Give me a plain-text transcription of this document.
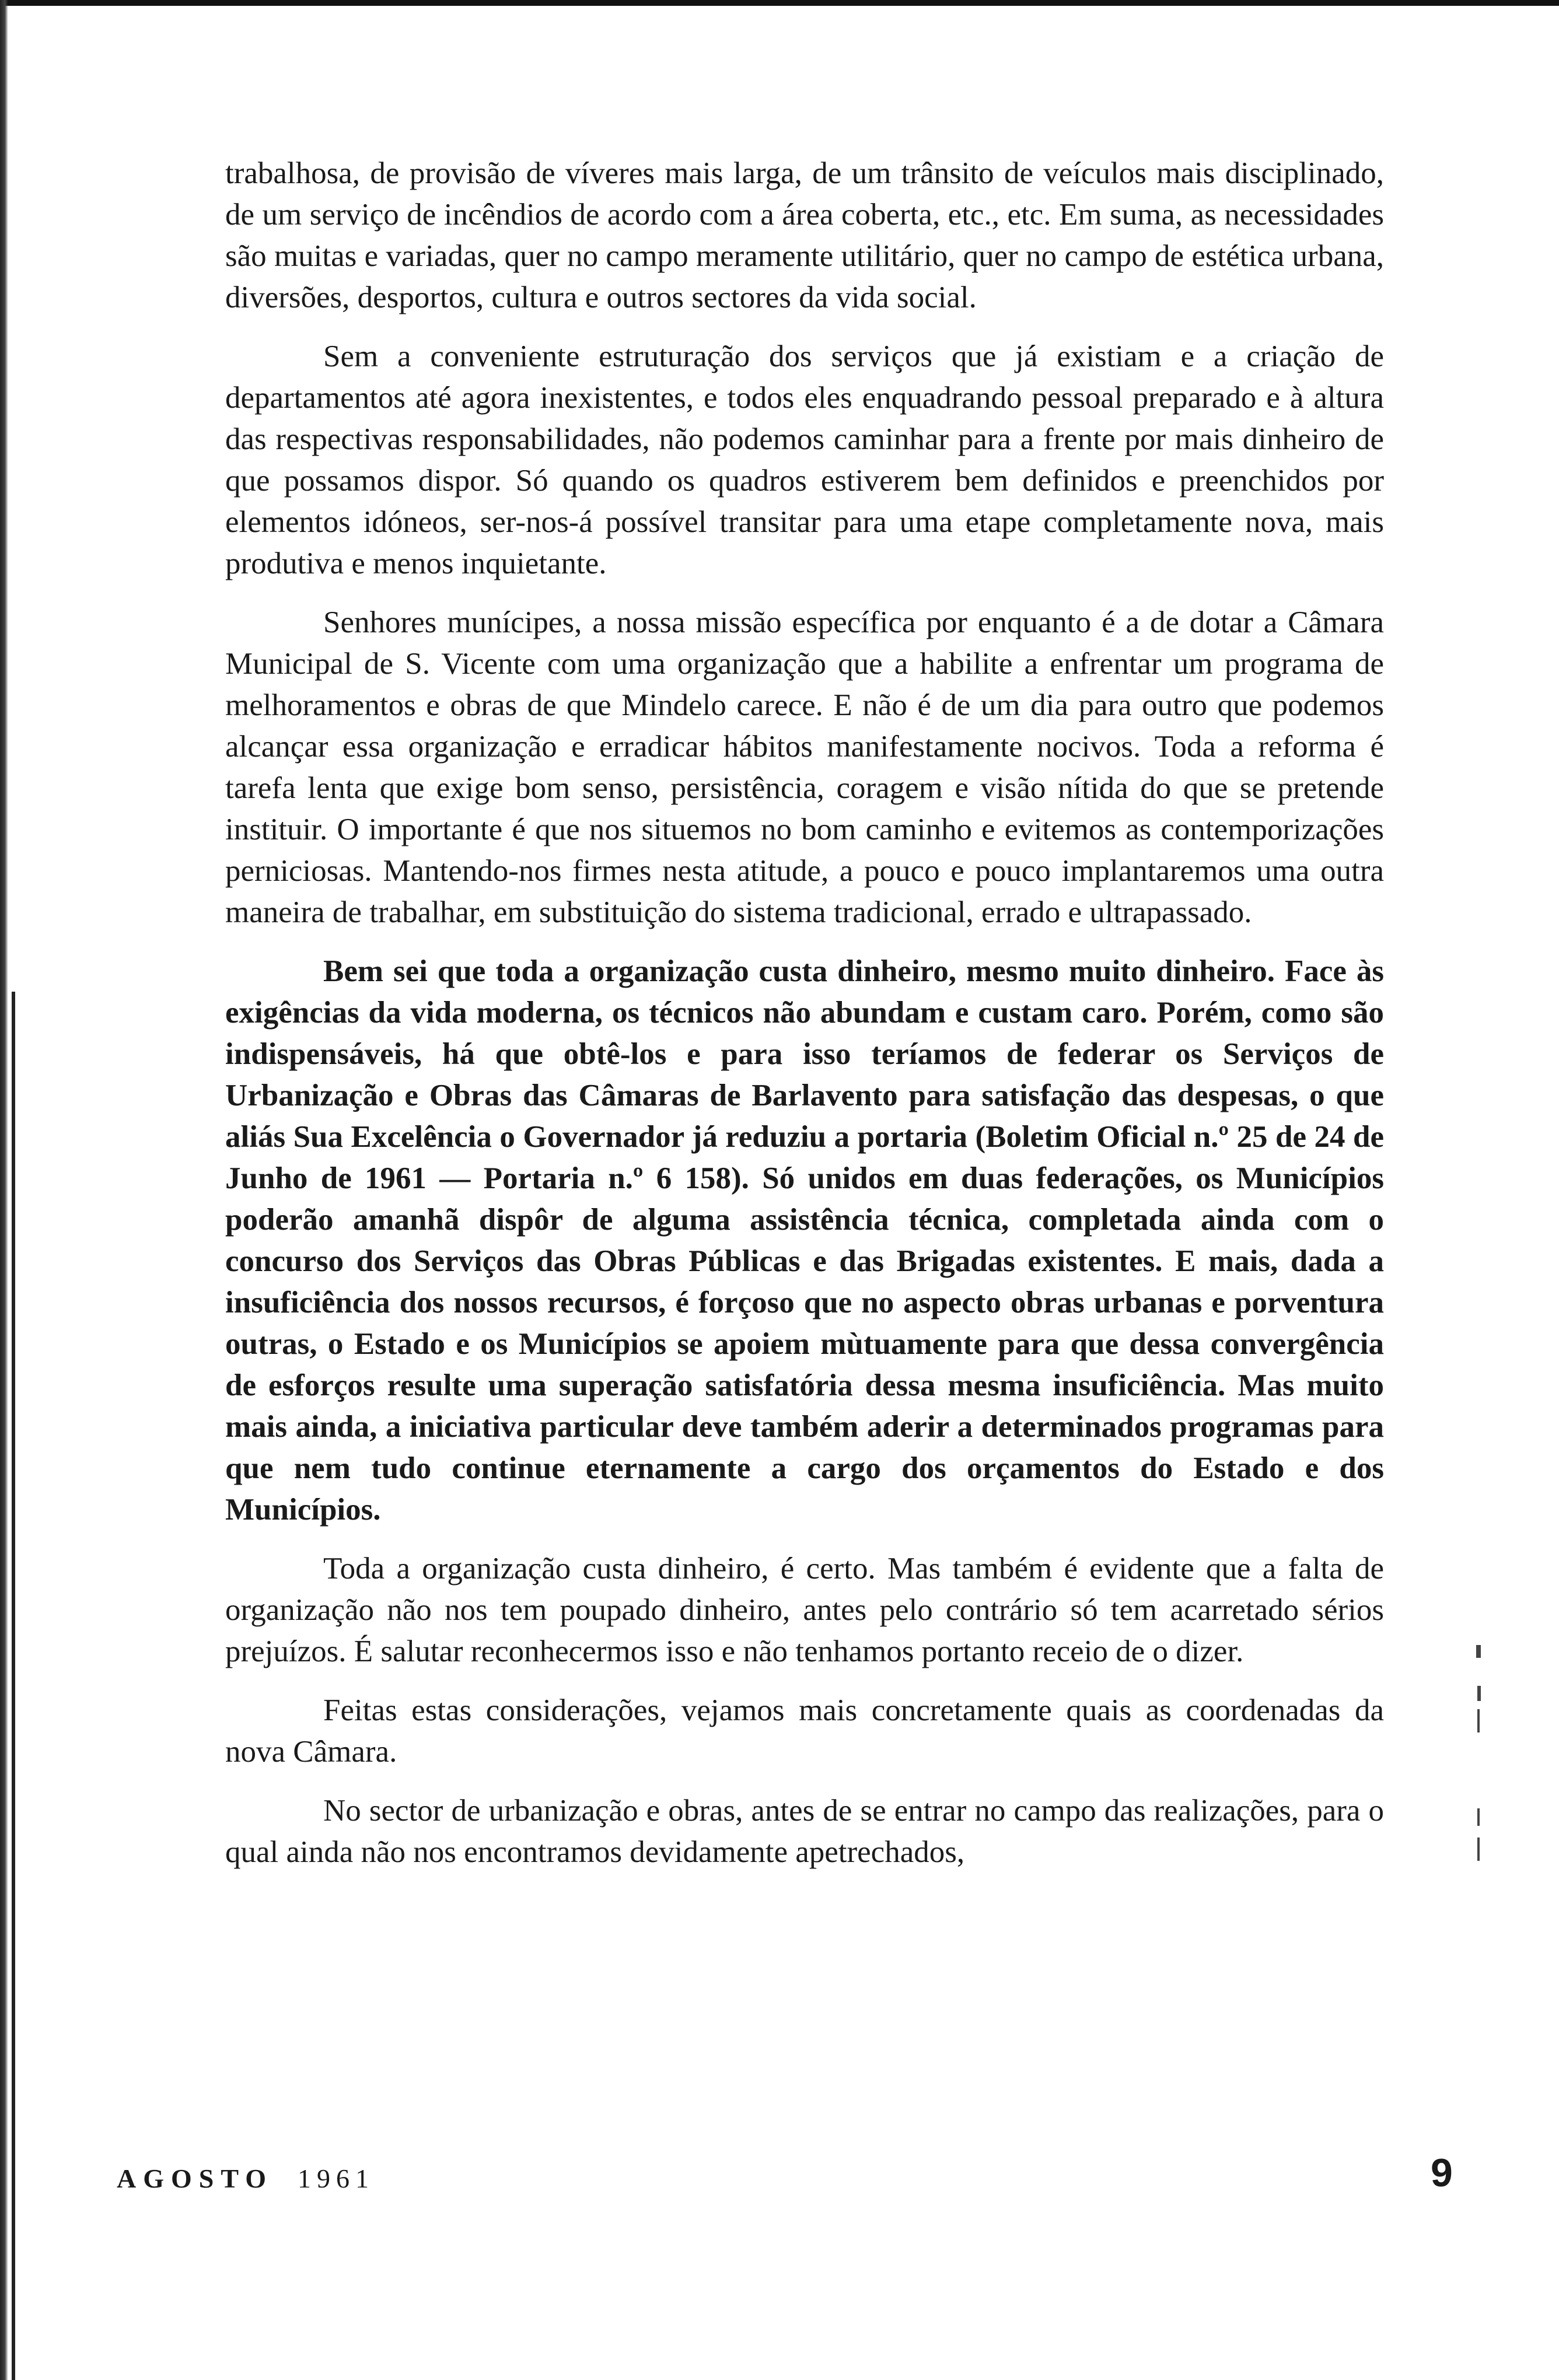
trabalhosa, de provisão de víveres mais larga, de um trânsito de veículos mais disciplinado, de um serviço de incêndios de acordo com a área coberta, etc., etc. Em suma, as necessidades são muitas e variadas, quer no campo meramente utilitário, quer no campo de estética urbana, diversões, desportos, cultura e outros sectores da vida social.

Sem a conveniente estruturação dos serviços que já existiam e a criação de departamentos até agora inexistentes, e todos eles enquadrando pessoal preparado e à altura das respectivas responsabilidades, não podemos caminhar para a frente por mais dinheiro de que possamos dispor. Só quando os quadros estiverem bem definidos e preenchidos por elementos idóneos, ser-nos-á possível transitar para uma etape completamente nova, mais produtiva e menos inquietante.

Senhores munícipes, a nossa missão específica por enquanto é a de dotar a Câmara Municipal de S. Vicente com uma organização que a habilite a enfrentar um programa de melhoramentos e obras de que Mindelo carece. E não é de um dia para outro que podemos alcançar essa organização e erradicar hábitos manifestamente nocivos. Toda a reforma é tarefa lenta que exige bom senso, persistência, coragem e visão nítida do que se pretende instituir. O importante é que nos situemos no bom caminho e evitemos as contemporizações perniciosas. Mantendo-nos firmes nesta atitude, a pouco e pouco implantaremos uma outra maneira de trabalhar, em substituição do sistema tradicional, errado e ultrapassado.

Bem sei que toda a organização custa dinheiro, mesmo muito dinheiro. Face às exigências da vida moderna, os técnicos não abundam e custam caro. Porém, como são indispensáveis, há que obtê-los e para isso teríamos de federar os Serviços de Urbanização e Obras das Câmaras de Barlavento para satisfação das despesas, o que aliás Sua Excelência o Governador já reduziu a portaria (Boletim Oficial n.º 25 de 24 de Junho de 1961 — Portaria n.º 6 158). Só unidos em duas federações, os Municípios poderão amanhã dispôr de alguma assistência técnica, completada ainda com o concurso dos Serviços das Obras Públicas e das Brigadas existentes. E mais, dada a insuficiência dos nossos recursos, é forçoso que no aspecto obras urbanas e porventura outras, o Estado e os Municípios se apoiem mùtuamente para que dessa convergência de esforços resulte uma superação satisfatória dessa mesma insuficiência. Mas muito mais ainda, a iniciativa particular deve também aderir a determinados programas para que nem tudo continue eternamente a cargo dos orçamentos do Estado e dos Municípios.

Toda a organização custa dinheiro, é certo. Mas também é evidente que a falta de organização não nos tem poupado dinheiro, antes pelo contrário só tem acarretado sérios prejuízos. É salutar reconhecermos isso e não tenhamos portanto receio de o dizer.

Feitas estas considerações, vejamos mais concretamente quais as coordenadas da nova Câmara.

No sector de urbanização e obras, antes de se entrar no campo das realizações, para o qual ainda não nos encontramos devidamente apetrechados,

AGOSTO 1961	9
